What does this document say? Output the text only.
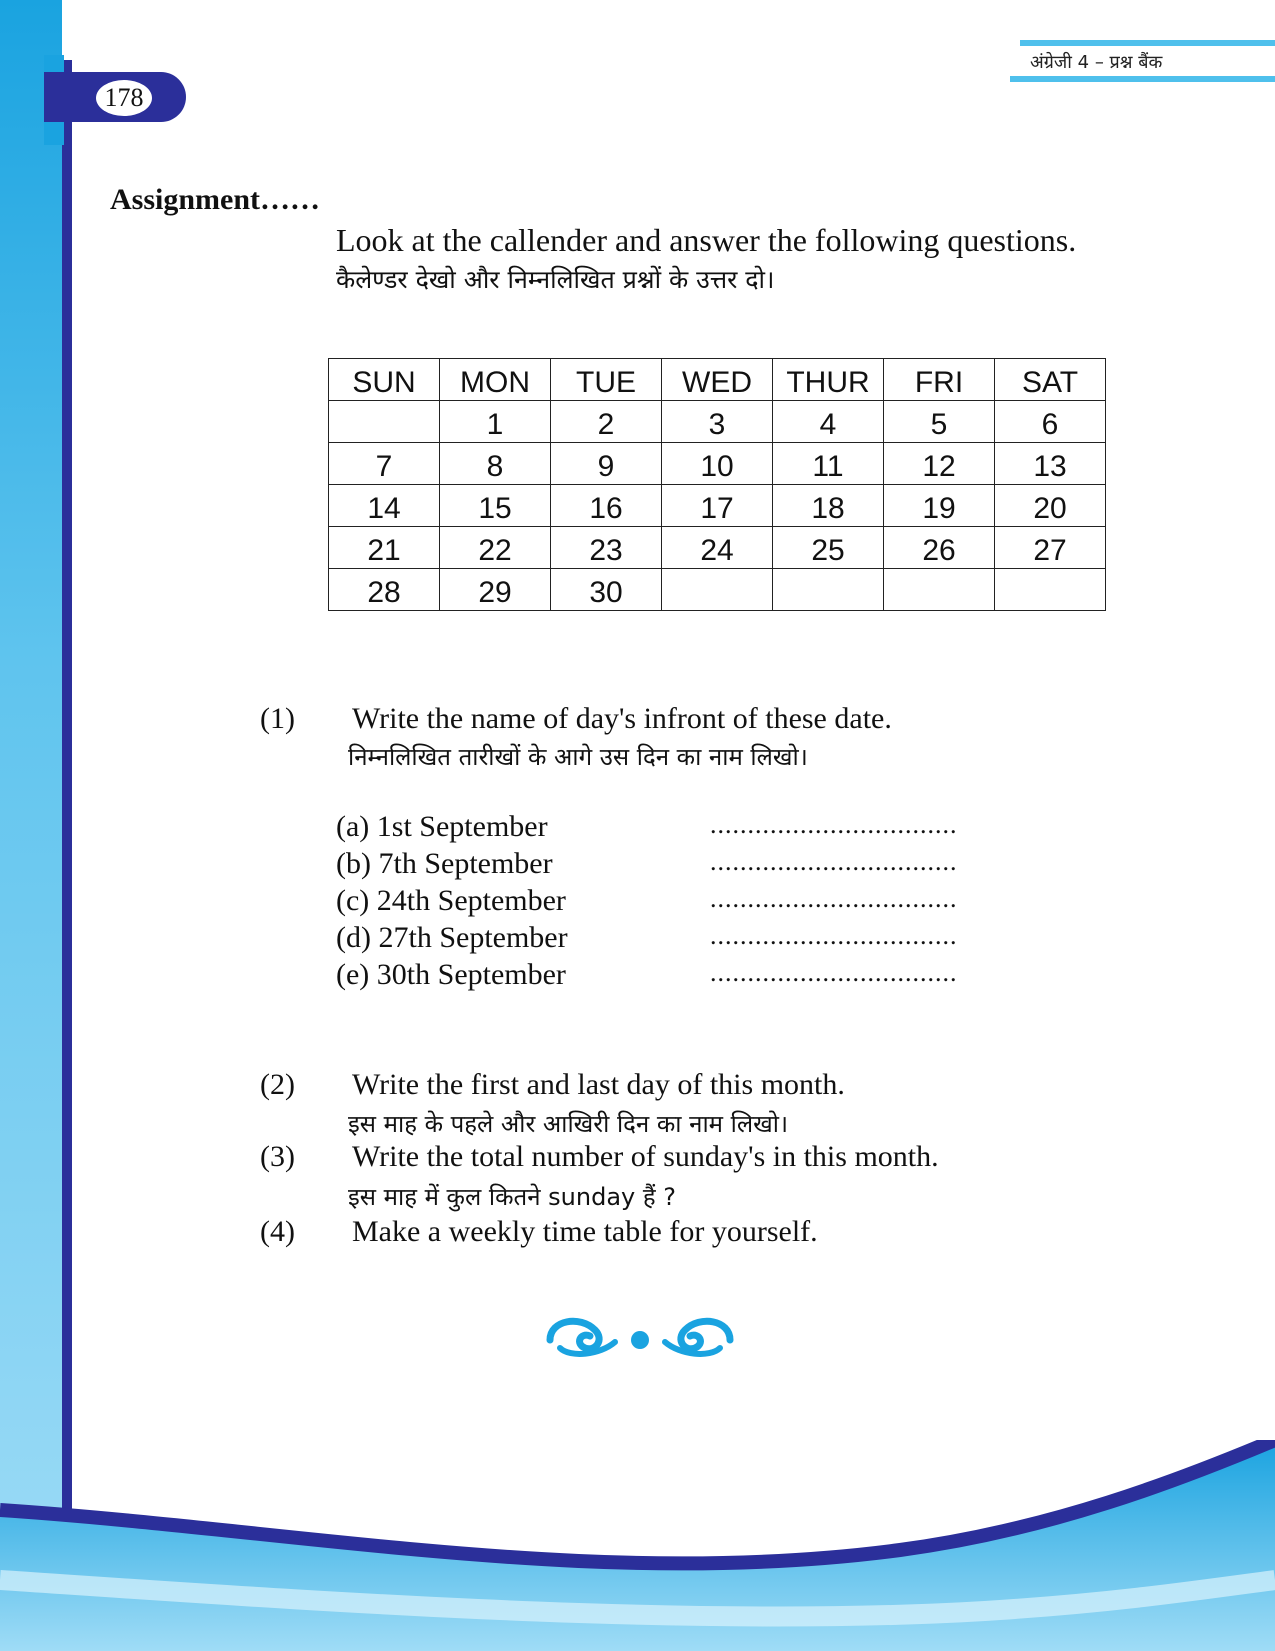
178
अंग्रेजी 4 – प्रश्न बैंक
Assignment……
Look at the callender and answer the following questions.
कैलेण्डर देखो और निम्नलिखित प्रश्नों के उत्तर दो।
SUN	MON	TUE	WED	THUR	FRI	SAT
	1	2	3	4	5	6
7	8	9	10	11	12	13
14	15	16	17	18	19	20
21	22	23	24	25	26	27
28	29	30				
(1) Write the name of day's infront of these date.
निम्नलिखित तारीखों के आगे उस दिन का नाम लिखो।
(a) 1st September	.................................
(b) 7th September	.................................
(c) 24th September	.................................
(d) 27th September	.................................
(e) 30th September	.................................
(2) Write the first and last day of this month.
इस माह के पहले और आखिरी दिन का नाम लिखो।
(3) Write the total number of sunday's in this month.
इस माह में कुल कितने sunday हैं ?
(4) Make a weekly time table for yourself.
